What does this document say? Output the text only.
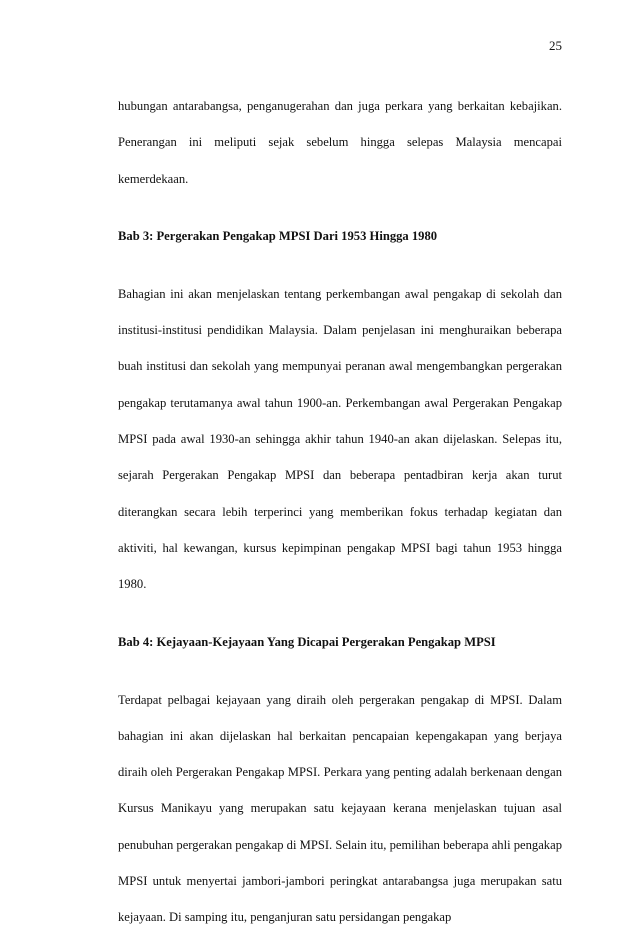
25

hubungan antarabangsa, penganugerahan dan juga perkara yang berkaitan kebajikan. Penerangan ini meliputi sejak sebelum hingga selepas Malaysia mencapai kemerdekaan.

Bab 3: Pergerakan Pengakap MPSI Dari 1953 Hingga 1980

Bahagian ini akan menjelaskan tentang perkembangan awal pengakap di sekolah dan institusi-institusi pendidikan Malaysia. Dalam penjelasan ini menghuraikan beberapa buah institusi dan sekolah yang mempunyai peranan awal mengembangkan pergerakan pengakap terutamanya awal tahun 1900-an. Perkembangan awal Pergerakan Pengakap MPSI pada awal 1930-an sehingga akhir tahun 1940-an akan dijelaskan. Selepas itu, sejarah Pergerakan Pengakap MPSI dan beberapa pentadbiran kerja akan turut diterangkan secara lebih terperinci yang memberikan fokus terhadap kegiatan dan aktiviti, hal kewangan, kursus kepimpinan pengakap MPSI bagi tahun 1953 hingga 1980.

Bab 4: Kejayaan-Kejayaan Yang Dicapai Pergerakan Pengakap MPSI

Terdapat pelbagai kejayaan yang diraih oleh pergerakan pengakap di MPSI. Dalam bahagian ini akan dijelaskan hal berkaitan pencapaian kepengakapan yang berjaya diraih oleh Pergerakan Pengakap MPSI. Perkara yang penting adalah berkenaan dengan Kursus Manikayu yang merupakan satu kejayaan kerana menjelaskan tujuan asal penubuhan pergerakan pengakap di MPSI. Selain itu, pemilihan beberapa ahli pengakap MPSI untuk menyertai jambori-jambori peringkat antarabangsa juga merupakan satu kejayaan. Di samping itu, penganjuran satu persidangan pengakap
